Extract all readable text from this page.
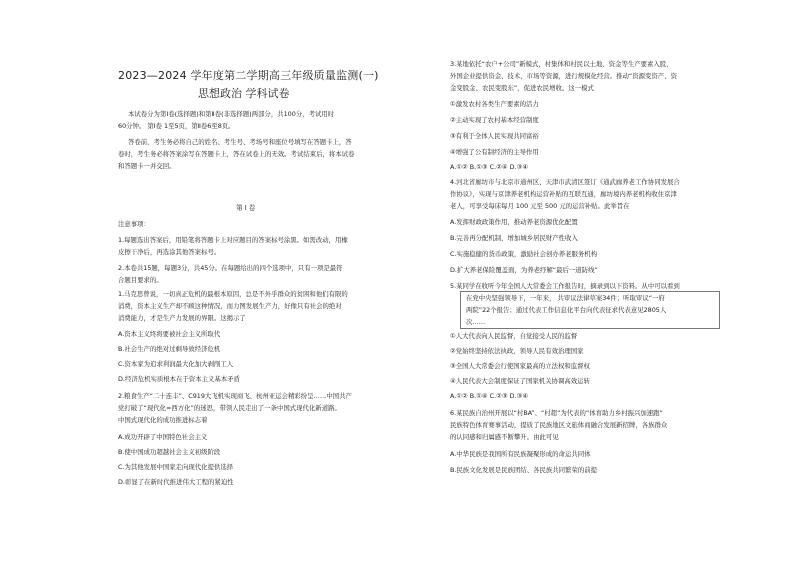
2023—2024 学年度第二学期高三年级质量监测(一)
思想政治 学科试卷
本试卷分为第Ⅰ卷(选择题)和第Ⅱ卷(非选择题)两部分，共100分，考试用时
60分钟。 第Ⅰ卷 1至5页，第Ⅱ卷6至8页。
答卷前，考生务必将自己的姓名、考生号、考场号和座位号填写在答题卡上，答
卷时，考生务必将答案涂写在答题卡上，答在试卷上的无效。考试结束后，将本试卷
和答题卡一并交回。
第 Ⅰ 卷
注意事项：
1.每题选出答案后，用铅笔将答题卡上对应题目的答案标号涂黑。如需改动，用橡
皮擦干净后，再选涂其他答案标号。
2.本卷共15题，每题3分，共45分。在每题给出的四个选项中，只有一项是最符
合题目要求的。
1.马克思曾说，一切真正危机的最根本原因，总是不外乎群众的贫困和他们有限的
消费，资本主义生产却不顾这种情况，而力图发展生产力，好像只有社会的绝对
消费能力，才是生产力发展的界限。这揭示了
A.资本主义终将要被社会主义所取代
B.社会生产的绝对过剩导致经济危机
C.资本家为追求利润最大化加大剥削工人
D.经济危机实质根本在于资本主义基本矛盾
2.粮食生产“二十连丰”、C919大飞机实现商飞、杭州亚运会精彩纷呈……中国共产
党打破了“现代化=西方化”的迷思，带领人民走出了一条中国式现代化新道路。
中国式现代化的成功推进标志着
A.成功开辟了中国特色社会主义
B.使中国成功超越社会主义初级阶段
C.为其他发展中国家走向现代化提供选择
D.彰显了在新时代推进伟大工程的紧迫性
3.某地依托“农户+公司”新模式，村集体和村民以土地、资金等生产要素入股，
外国企业提供资金、技术、市场等资源，进行规模化经营。推动“资源变资产、资
金变股金、农民变股东”，促进农民增收。这一模式
①激发农村各类生产要素的活力
②主动实现了农村基本经营制度
③有利于全体人民实现共同富裕
④增强了公有制经济的主导作用
A.①② B.①③ C.②④ D.③④
4.河北省廊坊市与北京市通州区、天津市武清区签订《通武廊养老工作协同发展合
作协议》，实现与京津养老机构运营补贴的互联互通，廊坊境内养老机构收住京津
老人，可享受每床每月 100 元至 500 元的运营补贴。此举旨在
A.发挥财政政策作用，推动养老资源优化配置
B.完善再分配机制，增加城乡居民财产性收入
C.实施稳健的货币政策，激励社会创办养老服务机构
D.扩大养老保险覆盖面，为养老纾解“最后一道防线”
5.某同学在收听今年全国人大常委会工作报告时，摘录到以下资料。从中可以看到
在党中央坚强领导下，一年来， 共审议法律草案34件；听取审议“一府
两院”22个报告；通过代表工作信息化平台向代表征求代表意见2805人
次……
①人大代表向人民监督，自觉接受人民的监督
②党始终坚持依法执政，领导人民有效治理国家
③全国人大常委会行使国家最高的立法权和监督权
④人民代表大会制度保证了国家机关协调高效运转
A.①② B.①④ C.②③ D.③④
6.某民族自治州开展以“村BA”、“村超”为代表的“体育助力乡村振兴加速跑”
民族特色体育赛事活动，提质了民族地区文旅体商融合发展新招牌，各族群众
的认同感和归属感不断攀升。由此可见
A.中华民族是我国所有民族凝聚形成的命运共同体
B.民族文化发展是民族团结、各民族共同繁荣的前提
